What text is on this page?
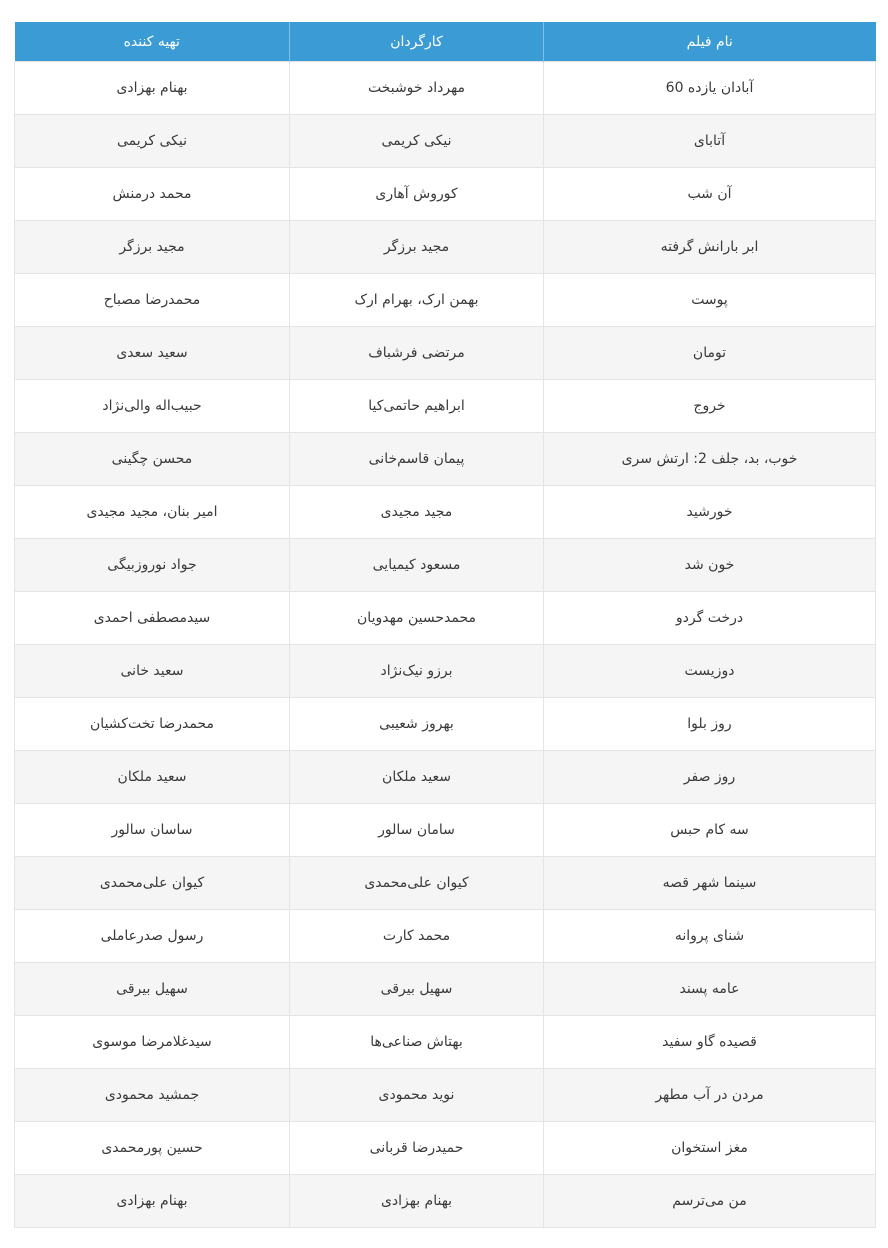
نام فیلم	کارگردان	تهیه کننده
آبادان یازده 60	مهرداد خوشبخت	بهنام بهزادی
آتابای	نیکی کریمی	نیکی کریمی
آن شب	کوروش آهاری	محمد درمنش
ابر بارانش گرفته	مجید برزگر	مجید برزگر
پوست	بهمن ارک، بهرام ارک	محمدرضا مصباح
تومان	مرتضی فرشباف	سعید سعدی
خروج	ابراهیم حاتمی‌کیا	حبیب‌اله والی‌نژاد
خوب، بد، جلف 2: ارتش سری	پیمان قاسم‌خانی	محسن چگینی
خورشید	مجید مجیدی	امیر بنان، مجید مجیدی
خون شد	مسعود کیمیایی	جواد نوروزبیگی
درخت گردو	محمدحسین مهدویان	سیدمصطفی احمدی
دوزیست	برزو نیک‌نژاد	سعید خانی
روز بلوا	بهروز شعیبی	محمدرضا تخت‌کشیان
روز صفر	سعید ملکان	سعید ملکان
سه کام حبس	سامان سالور	ساسان سالور
سینما شهر قصه	کیوان علی‌محمدی	کیوان علی‌محمدی
شنای پروانه	محمد کارت	رسول صدرعاملی
عامه پسند	سهیل بیرقی	سهیل بیرقی
قصیده گاو سفید	بهتاش صناعی‌ها	سیدغلامرضا موسوی
مردن در آب مطهر	نوید محمودی	جمشید محمودی
مغز استخوان	حمیدرضا قربانی	حسین پورمحمدی
من می‌ترسم	بهنام بهزادی	بهنام بهزادی
